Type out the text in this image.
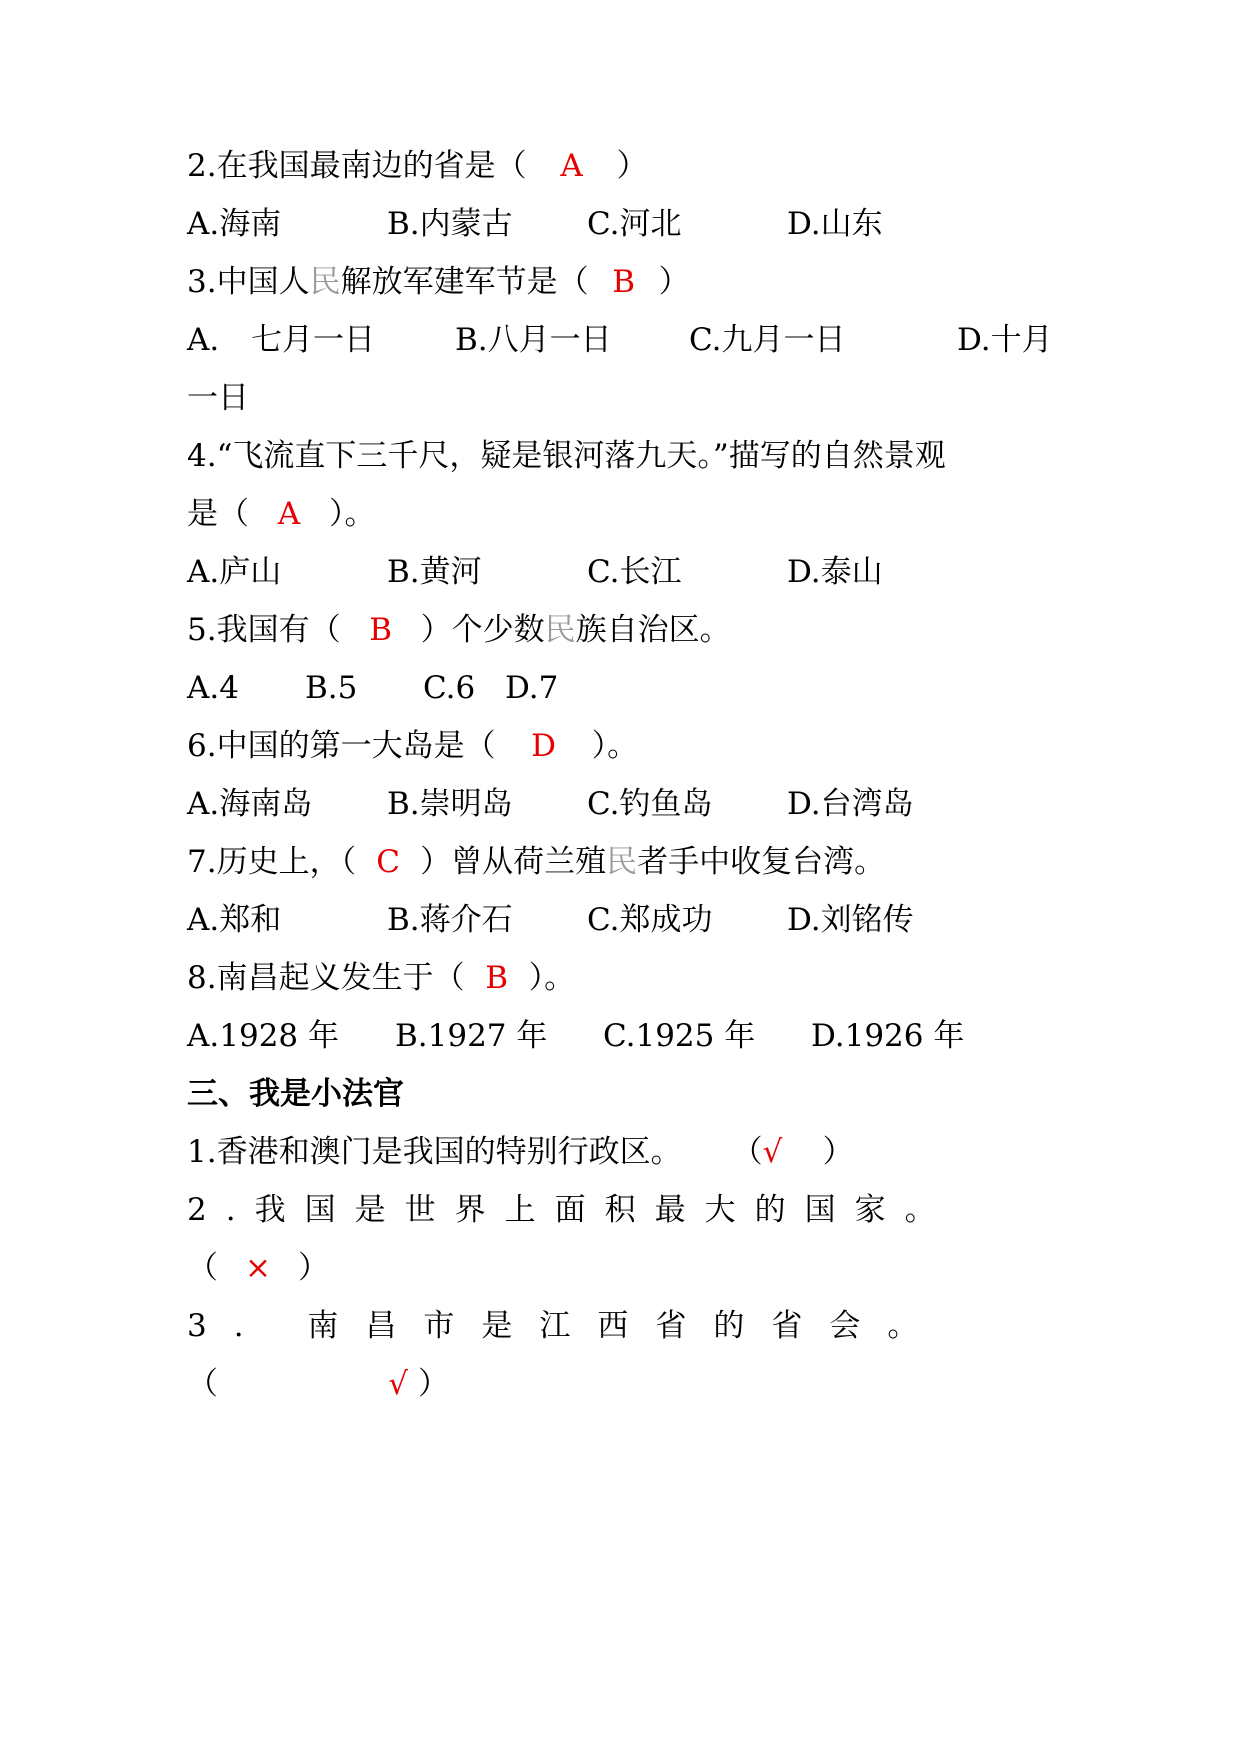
2.在我国最南边的省是（ A ）

A.海南

	B.内蒙古

C.河北

	D.山东

3.中国人民解放军建军节是（ B ）

A.

七月一日

	B.八月一日

C.九月一日

	D.十月

一日
4.“飞流直下三千尺，疑是银河落九天。”描写的自然景观
是（ A ）。

A.庐山

	B.黄河

	C.长江

	D.泰山

5.我国有（ B ）个少数民族自治区。

A.4

B.5

C.6

D.7

6.中国的第一大岛是（ D ）。

A.海南岛

B.崇明岛

C.钓鱼岛

D.台湾岛

7.历史上，（ C ）曾从荷兰殖民者手中收复台湾。

A.郑和

	B.蒋介石

C.郑成功

D.刘铭传

8.南昌起义发生于（ B ）。

A.1928 年

B.1927 年

C.1925 年

D.1926 年

三、我是小法官
1.香港和澳门是我国的特别行政区。 （√ ）
2.我国是世界上面积最大的国家。
（ × ）
3. 南昌市是江西省的省会。
（	√ ）
